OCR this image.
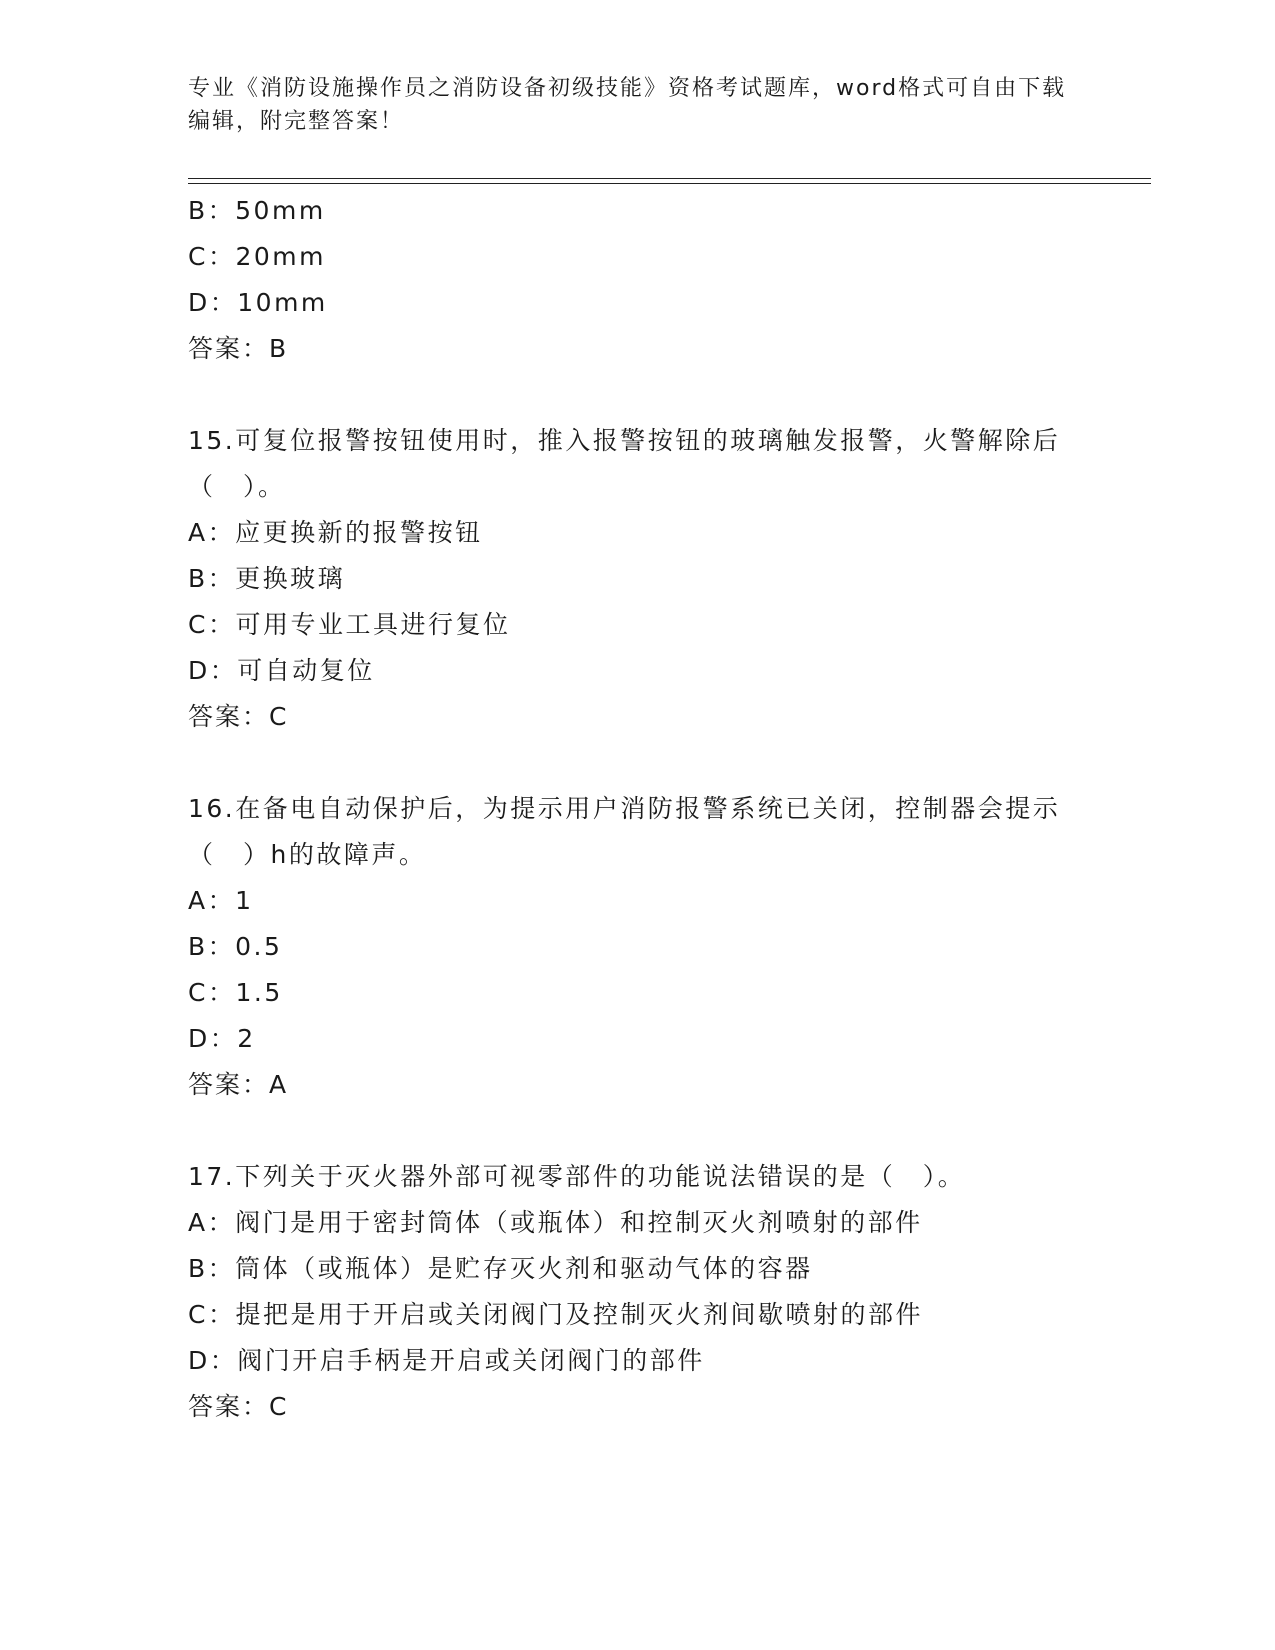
专业《消防设施操作员之消防设备初级技能》资格考试题库，word格式可自由下载编辑，附完整答案！
B：50mm
C：20mm
D：10mm
答案：B
15.可复位报警按钮使用时，推入报警按钮的玻璃触发报警，火警解除后（　）。
A：应更换新的报警按钮
B：更换玻璃
C：可用专业工具进行复位
D：可自动复位
答案：C
16.在备电自动保护后，为提示用户消防报警系统已关闭，控制器会提示（　）h的故障声。
A：1
B：0.5
C：1.5
D：2
答案：A
17.下列关于灭火器外部可视零部件的功能说法错误的是（　）。
A：阀门是用于密封筒体（或瓶体）和控制灭火剂喷射的部件
B：筒体（或瓶体）是贮存灭火剂和驱动气体的容器
C：提把是用于开启或关闭阀门及控制灭火剂间歇喷射的部件
D：阀门开启手柄是开启或关闭阀门的部件
答案：C
